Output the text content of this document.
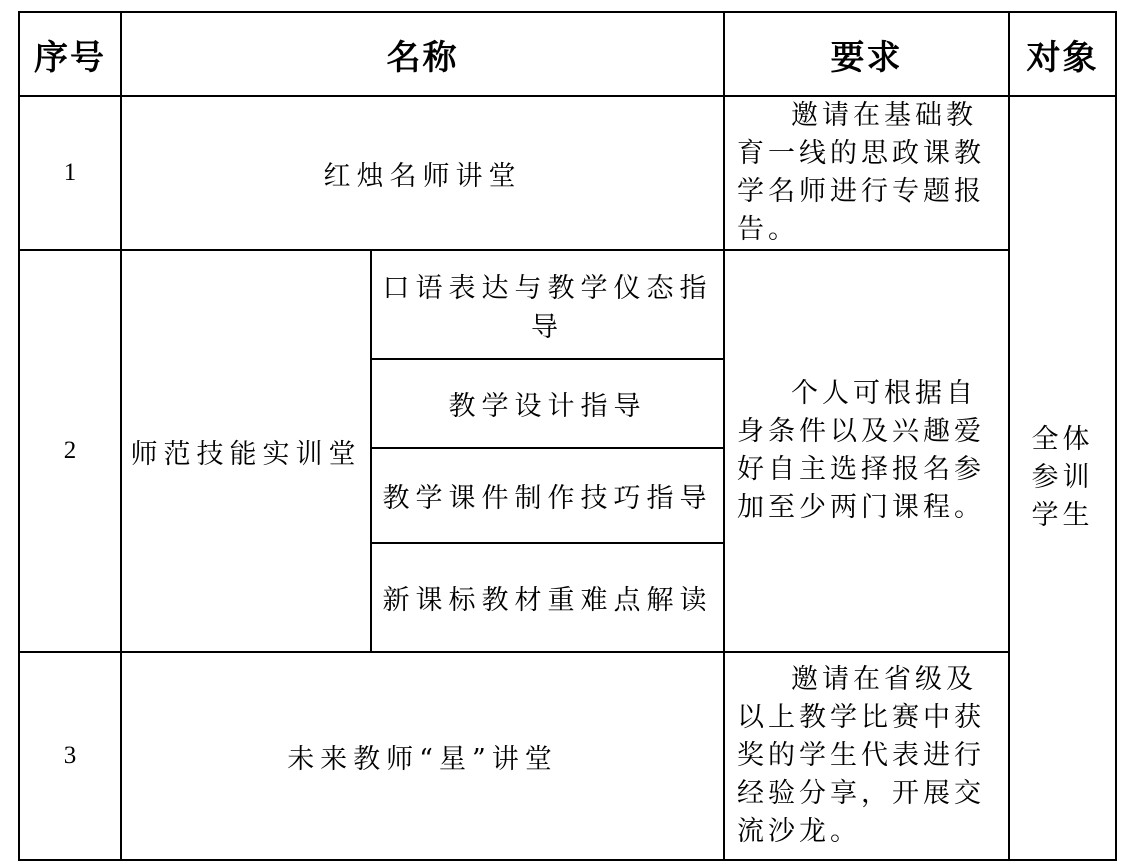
序号	名称		要求	对象
1	红烛名师讲堂		邀请在基础教育一线的思政课教学名师进行专题报告。	全体
参训
学生

2	师范技能实训堂	口语表达与教学仪态指导	个人可根据自身条件以及兴趣爱好自主选择报名参加至少两门课程。	
		教学设计指导		
		教学课件制作技巧指导		
		新课标教材重难点解读		
3	未来教师“星”讲堂		邀请在省级及以上教学比赛中获奖的学生代表进行经验分享，开展交流沙龙。	
